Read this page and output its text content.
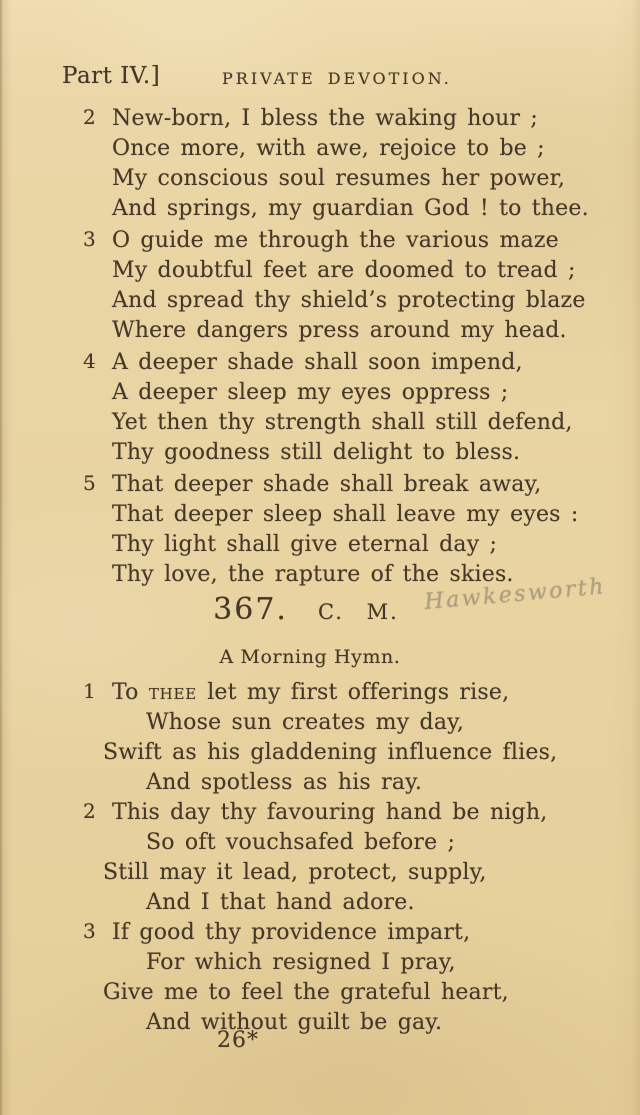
Part IV.]	PRIVATE DEVOTION.
2 New-born, I bless the waking hour ;
Once more, with awe, rejoice to be ;
My conscious soul resumes her power,
And springs, my guardian God ! to thee.
3 O guide me through the various maze
My doubtful feet are doomed to tread ;
And spread thy shield’s protecting blaze
Where dangers press around my head.
4 A deeper shade shall soon impend,
A deeper sleep my eyes oppress ;
Yet then thy strength shall still defend,
Thy goodness still delight to bless.
5 That deeper shade shall break away,
That deeper sleep shall leave my eyes :
Thy light shall give eternal day ;
Thy love, the rapture of the skies.
Hawkesworth
367. C. M.
A Morning Hymn.
1 To thee let my first offerings rise,
Whose sun creates my day,
Swift as his gladdening influence flies,
And spotless as his ray.
2 This day thy favouring hand be nigh,
So oft vouchsafed before ;
Still may it lead, protect, supply,
And I that hand adore.
3 If good thy providence impart,
For which resigned I pray,
Give me to feel the grateful heart,
And without guilt be gay.
26*
